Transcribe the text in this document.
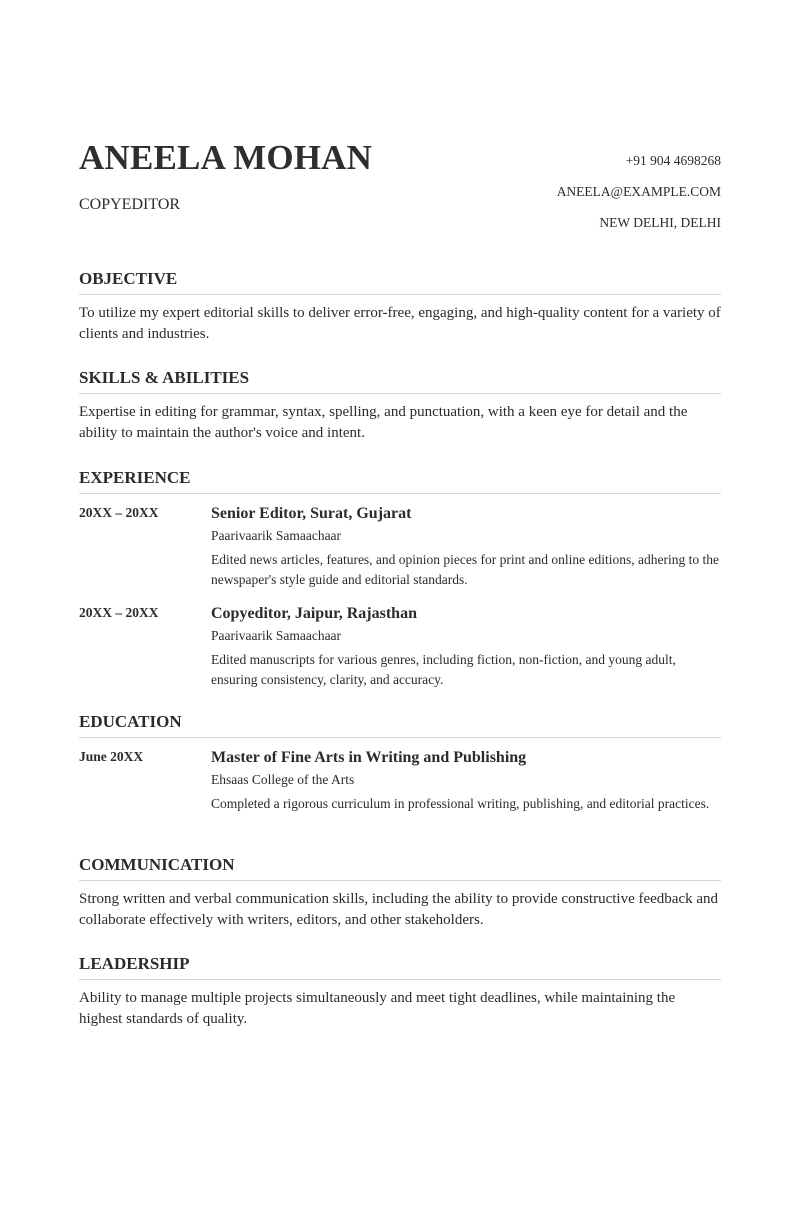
ANEELA MOHAN
COPYEDITOR
+91 904 4698268
ANEELA@EXAMPLE.COM
NEW DELHI, DELHI
OBJECTIVE
To utilize my expert editorial skills to deliver error-free, engaging, and high-quality content for a variety of clients and industries.
SKILLS & ABILITIES
Expertise in editing for grammar, syntax, spelling, and punctuation, with a keen eye for detail and the ability to maintain the author's voice and intent.
EXPERIENCE
20XX – 20XX	Senior Editor, Surat, Gujarat
Paarivaarik Samaachaar
Edited news articles, features, and opinion pieces for print and online editions, adhering to the newspaper's style guide and editorial standards.
20XX – 20XX	Copyeditor, Jaipur, Rajasthan
Paarivaarik Samaachaar
Edited manuscripts for various genres, including fiction, non-fiction, and young adult, ensuring consistency, clarity, and accuracy.
EDUCATION
June 20XX	Master of Fine Arts in Writing and Publishing
Ehsaas College of the Arts
Completed a rigorous curriculum in professional writing, publishing, and editorial practices.
COMMUNICATION
Strong written and verbal communication skills, including the ability to provide constructive feedback and collaborate effectively with writers, editors, and other stakeholders.
LEADERSHIP
Ability to manage multiple projects simultaneously and meet tight deadlines, while maintaining the highest standards of quality.
